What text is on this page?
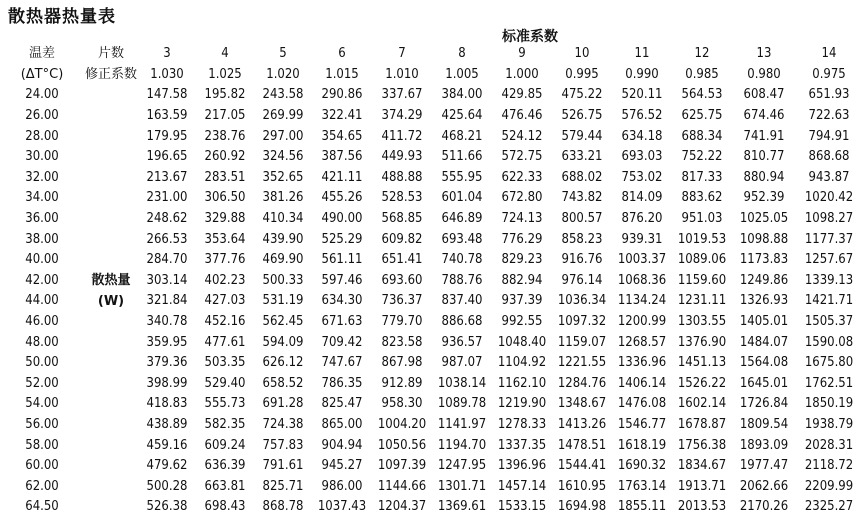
散热器热量表
标准系数
温差	片数	3	4	5	6	7	8	9	10	11	12	13	14
(ΔT°C)	修正系数	1.030	1.025	1.020	1.015	1.010	1.005	1.000	0.995	0.990	0.985	0.980	0.975
24.00		147.58	195.82	243.58	290.86	337.67	384.00	429.85	475.22	520.11	564.53	608.47	651.93
26.00		163.59	217.05	269.99	322.41	374.29	425.64	476.46	526.75	576.52	625.75	674.46	722.63
28.00		179.95	238.76	297.00	354.65	411.72	468.21	524.12	579.44	634.18	688.34	741.91	794.91
30.00		196.65	260.92	324.56	387.56	449.93	511.66	572.75	633.21	693.03	752.22	810.77	868.68
32.00		213.67	283.51	352.65	421.11	488.88	555.95	622.33	688.02	753.02	817.33	880.94	943.87
34.00		231.00	306.50	381.26	455.26	528.53	601.04	672.80	743.82	814.09	883.62	952.39	1020.42
36.00		248.62	329.88	410.34	490.00	568.85	646.89	724.13	800.57	876.20	951.03	1025.05	1098.27
38.00		266.53	353.64	439.90	525.29	609.82	693.48	776.29	858.23	939.31	1019.53	1098.88	1177.37
40.00		284.70	377.76	469.90	561.11	651.41	740.78	829.23	916.76	1003.37	1089.06	1173.83	1257.67
42.00	散热量	303.14	402.23	500.33	597.46	693.60	788.76	882.94	976.14	1068.36	1159.60	1249.86	1339.13
44.00	(W)	321.84	427.03	531.19	634.30	736.37	837.40	937.39	1036.34	1134.24	1231.11	1326.93	1421.71
46.00		340.78	452.16	562.45	671.63	779.70	886.68	992.55	1097.32	1200.99	1303.55	1405.01	1505.37
48.00		359.95	477.61	594.09	709.42	823.58	936.57	1048.40	1159.07	1268.57	1376.90	1484.07	1590.08
50.00		379.36	503.35	626.12	747.67	867.98	987.07	1104.92	1221.55	1336.96	1451.13	1564.08	1675.80
52.00		398.99	529.40	658.52	786.35	912.89	1038.14	1162.10	1284.76	1406.14	1526.22	1645.01	1762.51
54.00		418.83	555.73	691.28	825.47	958.30	1089.78	1219.90	1348.67	1476.08	1602.14	1726.84	1850.19
56.00		438.89	582.35	724.38	865.00	1004.20	1141.97	1278.33	1413.26	1546.77	1678.87	1809.54	1938.79
58.00		459.16	609.24	757.83	904.94	1050.56	1194.70	1337.35	1478.51	1618.19	1756.38	1893.09	2028.31
60.00		479.62	636.39	791.61	945.27	1097.39	1247.95	1396.96	1544.41	1690.32	1834.67	1977.47	2118.72
62.00		500.28	663.81	825.71	986.00	1144.66	1301.71	1457.14	1610.95	1763.14	1913.71	2062.66	2209.99
64.50		526.38	698.43	868.78	1037.43	1204.37	1369.61	1533.15	1694.98	1855.11	2013.53	2170.26	2325.27
